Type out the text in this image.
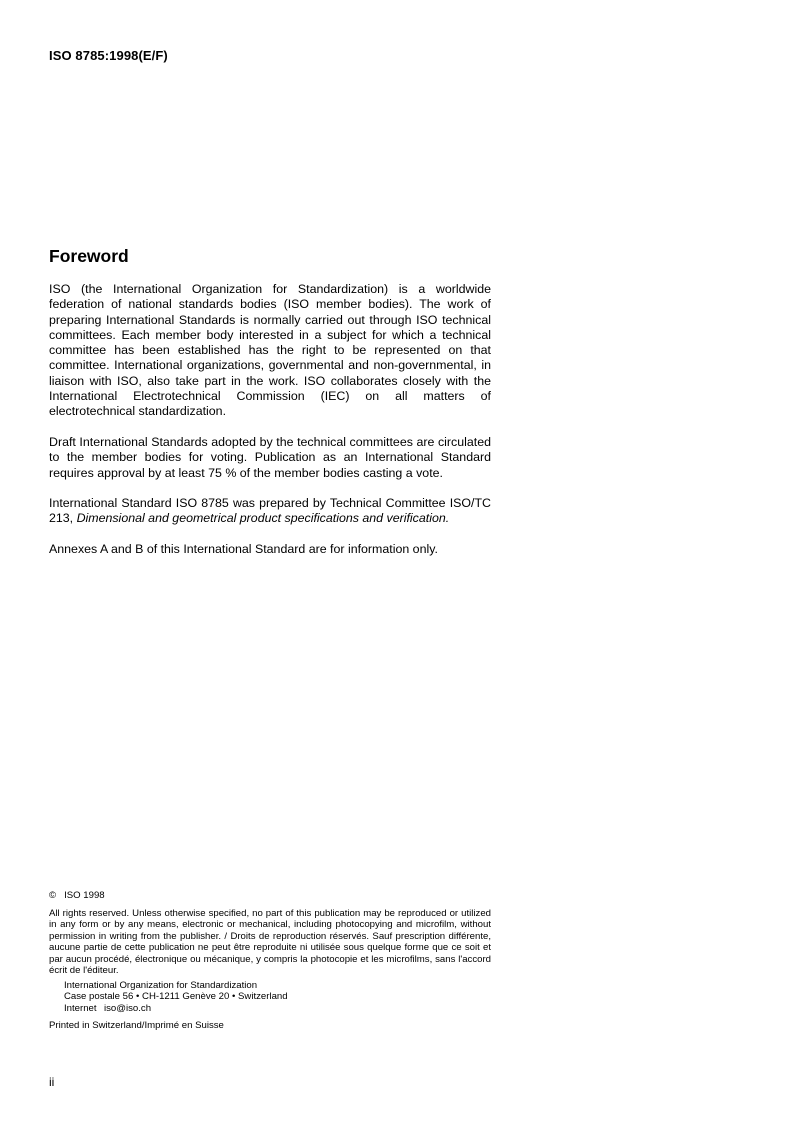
ISO 8785:1998(E/F)
Foreword

ISO (the International Organization for Standardization) is a worldwide federation of national standards bodies (ISO member bodies). The work of preparing International Standards is normally carried out through ISO technical committees. Each member body interested in a subject for which a technical committee has been established has the right to be represented on that committee. International organizations, governmental and non-governmental, in liaison with ISO, also take part in the work. ISO collaborates closely with the International Electrotechnical Commission (IEC) on all matters of electrotechnical standardization.

Draft International Standards adopted by the technical committees are circulated to the member bodies for voting. Publication as an International Standard requires approval by at least 75 % of the member bodies casting a vote.

International Standard ISO 8785 was prepared by Technical Committee ISO/TC 213, Dimensional and geometrical product specifications and verification.

Annexes A and B of this International Standard are for information only.

© ISO 1998

All rights reserved. Unless otherwise specified, no part of this publication may be reproduced or utilized in any form or by any means, electronic or mechanical, including photocopying and microfilm, without permission in writing from the publisher. / Droits de reproduction réservés. Sauf prescription différente, aucune partie de cette publication ne peut être reproduite ni utilisée sous quelque forme que ce soit et par aucun procédé, électronique ou mécanique, y compris la photocopie et les microfilms, sans l'accord écrit de l'éditeur.

International Organization for Standardization
Case postale 56 • CH-1211 Genève 20 • Switzerland
Internet iso@iso.ch
Printed in Switzerland/Imprimé en Suisse
ii
